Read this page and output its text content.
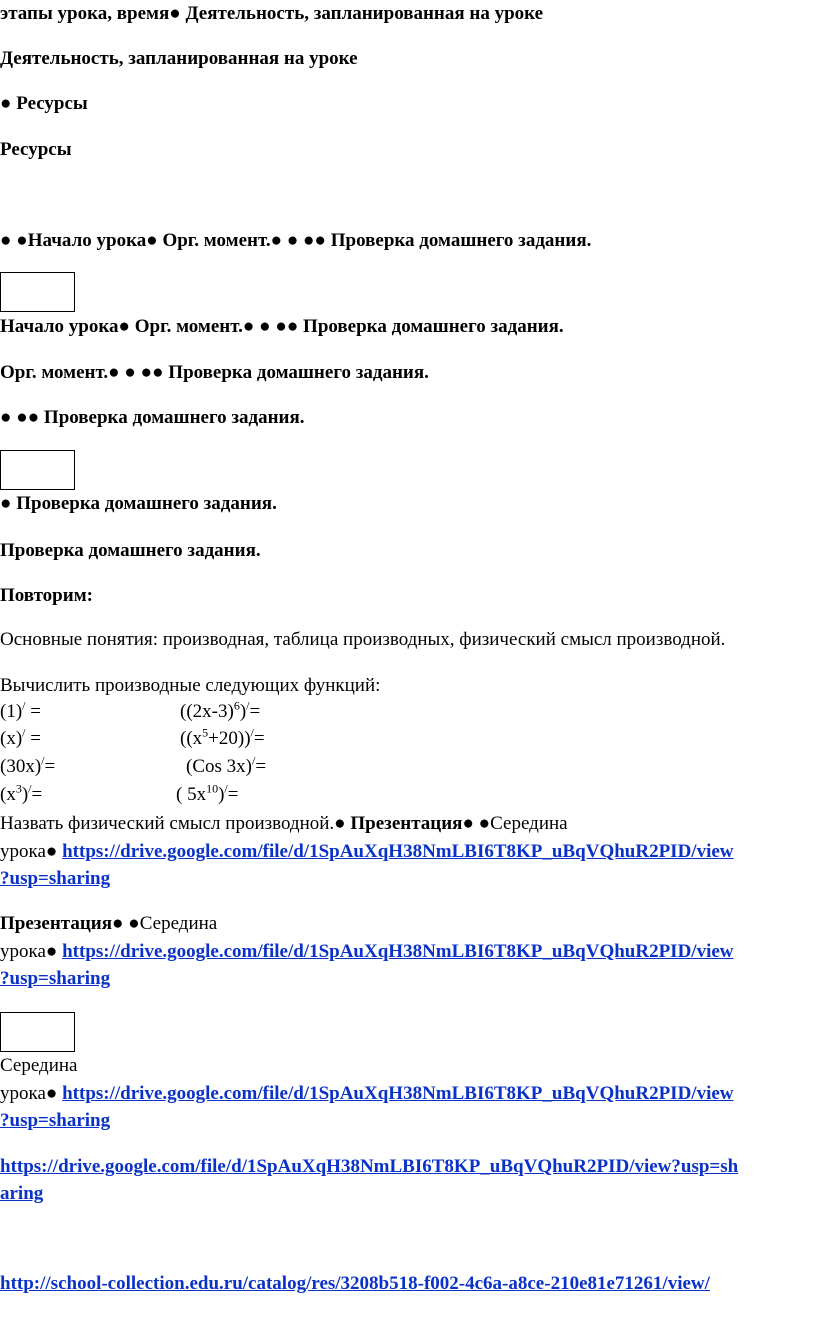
этапы урока, время● Деятельность, запланированная на уроке
Деятельность, запланированная на уроке
● Ресурсы
Ресурсы
● ●Начало урока● Орг. момент.● ● ●● Проверка домашнего задания.
Начало урока● Орг. момент.● ● ●● Проверка домашнего задания.
Орг. момент.● ● ●● Проверка домашнего задания.
● ●● Проверка домашнего задания.
● Проверка домашнего задания.
Проверка домашнего задания.
Повторим:
Основные понятия: производная, таблица производных, физический смысл производной.
Вычислить производные следующих функций:
(1)/ =	$((2x-3)^6)^/=$
(x)/ =	$((x^5+20))^/=$
(30x)/=	(Cos 3x)/=
$(x^3)^/=$	( $5x^{10})^/=$
Назвать физический смысл производной.● Презентация● ●Середина
урока● https://drive.google.com/file/d/1SpAuXqH38NmLBI6T8KP_uBqVQhuR2PID/view
?usp=sharing
Презентация● ●Середина
урока● https://drive.google.com/file/d/1SpAuXqH38NmLBI6T8KP_uBqVQhuR2PID/view
?usp=sharing
Середина
урока● https://drive.google.com/file/d/1SpAuXqH38NmLBI6T8KP_uBqVQhuR2PID/view
?usp=sharing
https://drive.google.com/file/d/1SpAuXqH38NmLBI6T8KP_uBqVQhuR2PID/view?usp=sh
aring
http://school-collection.edu.ru/catalog/res/3208b518-f002-4c6a-a8ce-210e81e71261/view/
